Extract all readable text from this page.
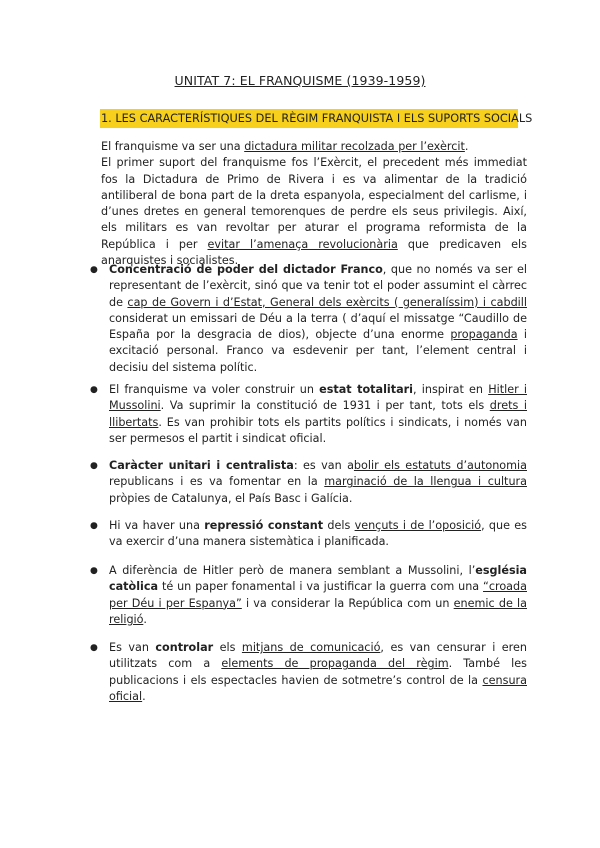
UNITAT 7: EL FRANQUISME (1939-1959)
1. LES CARACTERÍSTIQUES DEL RÈGIM FRANQUISTA I ELS SUPORTS SOCIALS

El franquisme va ser una dictadura militar recolzada per l’exèrcit.

El primer suport del franquisme fos l’Exèrcit, el precedent més immediat fos la Dictadura de Primo de Rivera i es va alimentar de la tradició antiliberal de bona part de la dreta espanyola, especialment del carlisme, i d’unes dretes en general temorenques de perdre els seus privilegis. Així, els militars es van revoltar per aturar el programa reformista de la República i per evitar l’amenaça revolucionària que predicaven els anarquistes i socialistes.

● Concentració de poder del dictador Franco, que no només va ser el representant de l’exèrcit, sinó que va tenir tot el poder assumint el càrrec de cap de Govern i d’Estat, General dels exèrcits ( generalíssim) i cabdill considerat un emissari de Déu a la terra ( d’aquí el missatge “Caudillo de España por la desgracia de dios), objecte d’una enorme propaganda i excitació personal. Franco va esdevenir per tant, l’element central i decisiu del sistema polític.
● El franquisme va voler construir un estat totalitari, inspirat en Hitler i Mussolini. Va suprimir la constitució de 1931 i per tant, tots els drets i llibertats. Es van prohibir tots els partits polítics i sindicats, i només van ser permesos el partit i sindicat oficial.
● Caràcter unitari i centralista: es van abolir els estatuts d’autonomia republicans i es va fomentar en la marginació de la llengua i cultura pròpies de Catalunya, el País Basc i Galícia.
● Hi va haver una repressió constant dels vençuts i de l’oposició, que es va exercir d’una manera sistemàtica i planificada.
● A diferència de Hitler però de manera semblant a Mussolini, l’església catòlica té un paper fonamental i va justificar la guerra com una “croada per Déu i per Espanya” i va considerar la República com un enemic de la religió.
● Es van controlar els mitjans de comunicació, es van censurar i eren utilitzats com a elements de propaganda del règim. També les publicacions i els espectacles havien de sotmetre’s control de la censura oficial.
